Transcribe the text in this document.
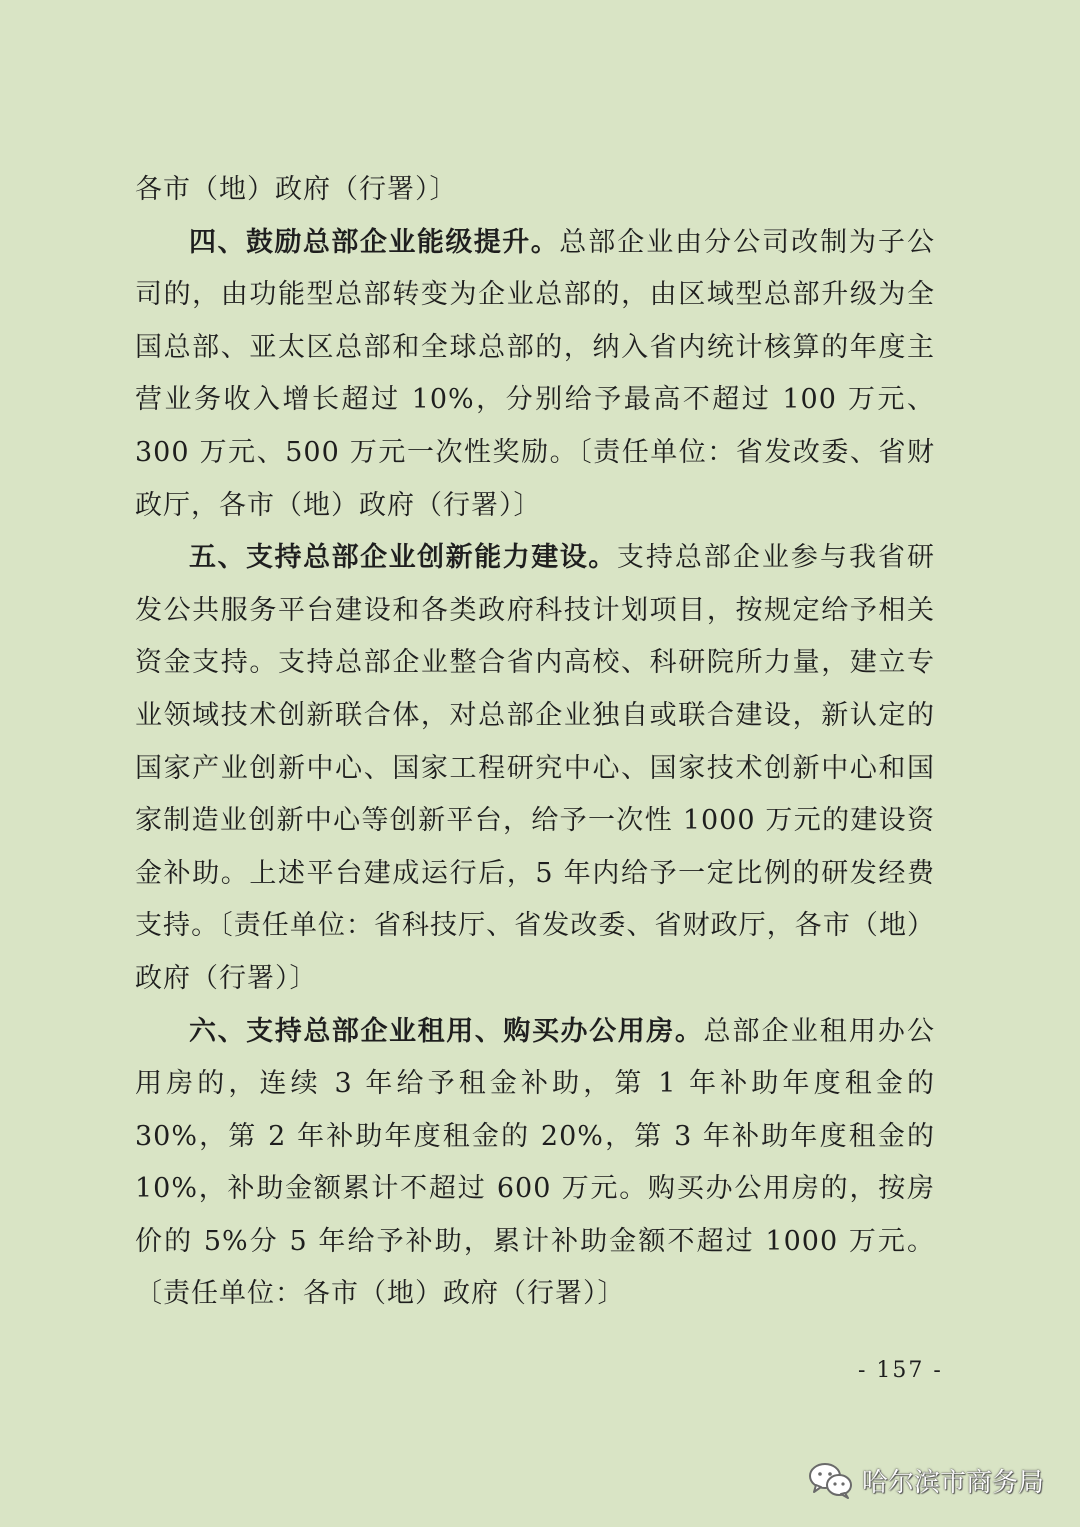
各市（地）政府（行署）〕

四、鼓励总部企业能级提升。总部企业由分公司改制为子公司的，由功能型总部转变为企业总部的，由区域型总部升级为全国总部、亚太区总部和全球总部的，纳入省内统计核算的年度主营业务收入增长超过 10%，分别给予最高不超过 100 万元、300 万元、500 万元一次性奖励。〔责任单位：省发改委、省财政厅，各市（地）政府（行署）〕

五、支持总部企业创新能力建设。支持总部企业参与我省研发公共服务平台建设和各类政府科技计划项目，按规定给予相关资金支持。支持总部企业整合省内高校、科研院所力量，建立专业领域技术创新联合体，对总部企业独自或联合建设，新认定的国家产业创新中心、国家工程研究中心、国家技术创新中心和国家制造业创新中心等创新平台，给予一次性 1000 万元的建设资金补助。上述平台建成运行后，5 年内给予一定比例的研发经费支持。〔责任单位：省科技厅、省发改委、省财政厅，各市（地）政府（行署）〕

六、支持总部企业租用、购买办公用房。总部企业租用办公用房的，连续 3 年给予租金补助，第 1 年补助年度租金的 30%，第 2 年补助年度租金的 20%，第 3 年补助年度租金的 10%，补助金额累计不超过 600 万元。购买办公用房的，按房价的 5%分 5 年给予补助，累计补助金额不超过 1000 万元。〔责任单位：各市（地）政府（行署）〕

- 157 -
哈尔滨市商务局
